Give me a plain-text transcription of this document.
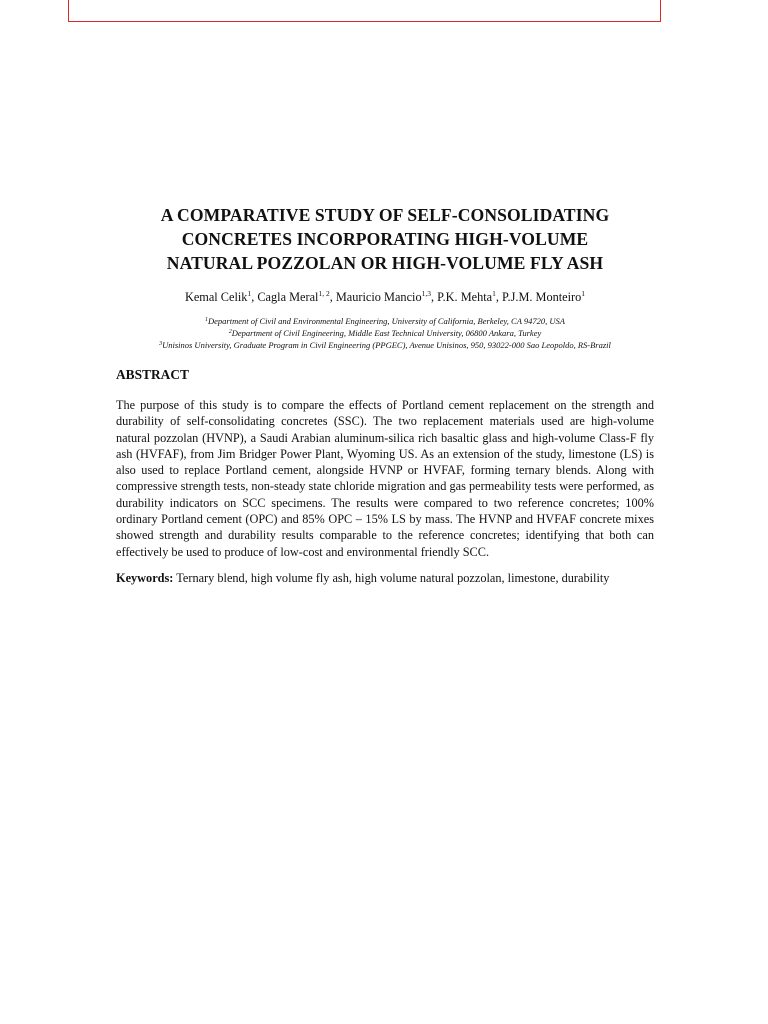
A COMPARATIVE STUDY OF SELF-CONSOLIDATING
CONCRETES INCORPORATING HIGH-VOLUME
NATURAL POZZOLAN OR HIGH-VOLUME FLY ASH

Kemal Celik$^1$, Cagla Meral$^{1, 2}$, Mauricio Mancio$^{1,3}$, P.K. Mehta$^1$, P.J.M. Monteiro$^1$

$^1$Department of Civil and Environmental Engineering, University of California, Berkeley, CA 94720, USA
$^2$Department of Civil Engineering, Middle East Technical University, 06800 Ankara, Turkey
$^3$Unisinos University, Graduate Program in Civil Engineering (PPGEC), Avenue Unisinos, 950, 93022-000 Sao Leopoldo, RS-Brazil
ABSTRACT

The purpose of this study is to compare the effects of Portland cement replacement on the strength and durability of self-consolidating concretes (SSC). The two replacement materials used are high-volume natural pozzolan (HVNP), a Saudi Arabian aluminum-silica rich basaltic glass and high-volume Class-F fly ash (HVFAF), from Jim Bridger Power Plant, Wyoming US. As an extension of the study, limestone (LS) is also used to replace Portland cement, alongside HVNP or HVFAF, forming ternary blends. Along with compressive strength tests, non-steady state chloride migration and gas permeability tests were performed, as durability indicators on SCC specimens. The results were compared to two reference concretes; 100% ordinary Portland cement (OPC) and 85% OPC – 15% LS by mass. The HVNP and HVFAF concrete mixes showed strength and durability results comparable to the reference concretes; identifying that both can effectively be used to produce of low-cost and environmental friendly SCC.

Keywords: Ternary blend, high volume fly ash, high volume natural pozzolan, limestone, durability
